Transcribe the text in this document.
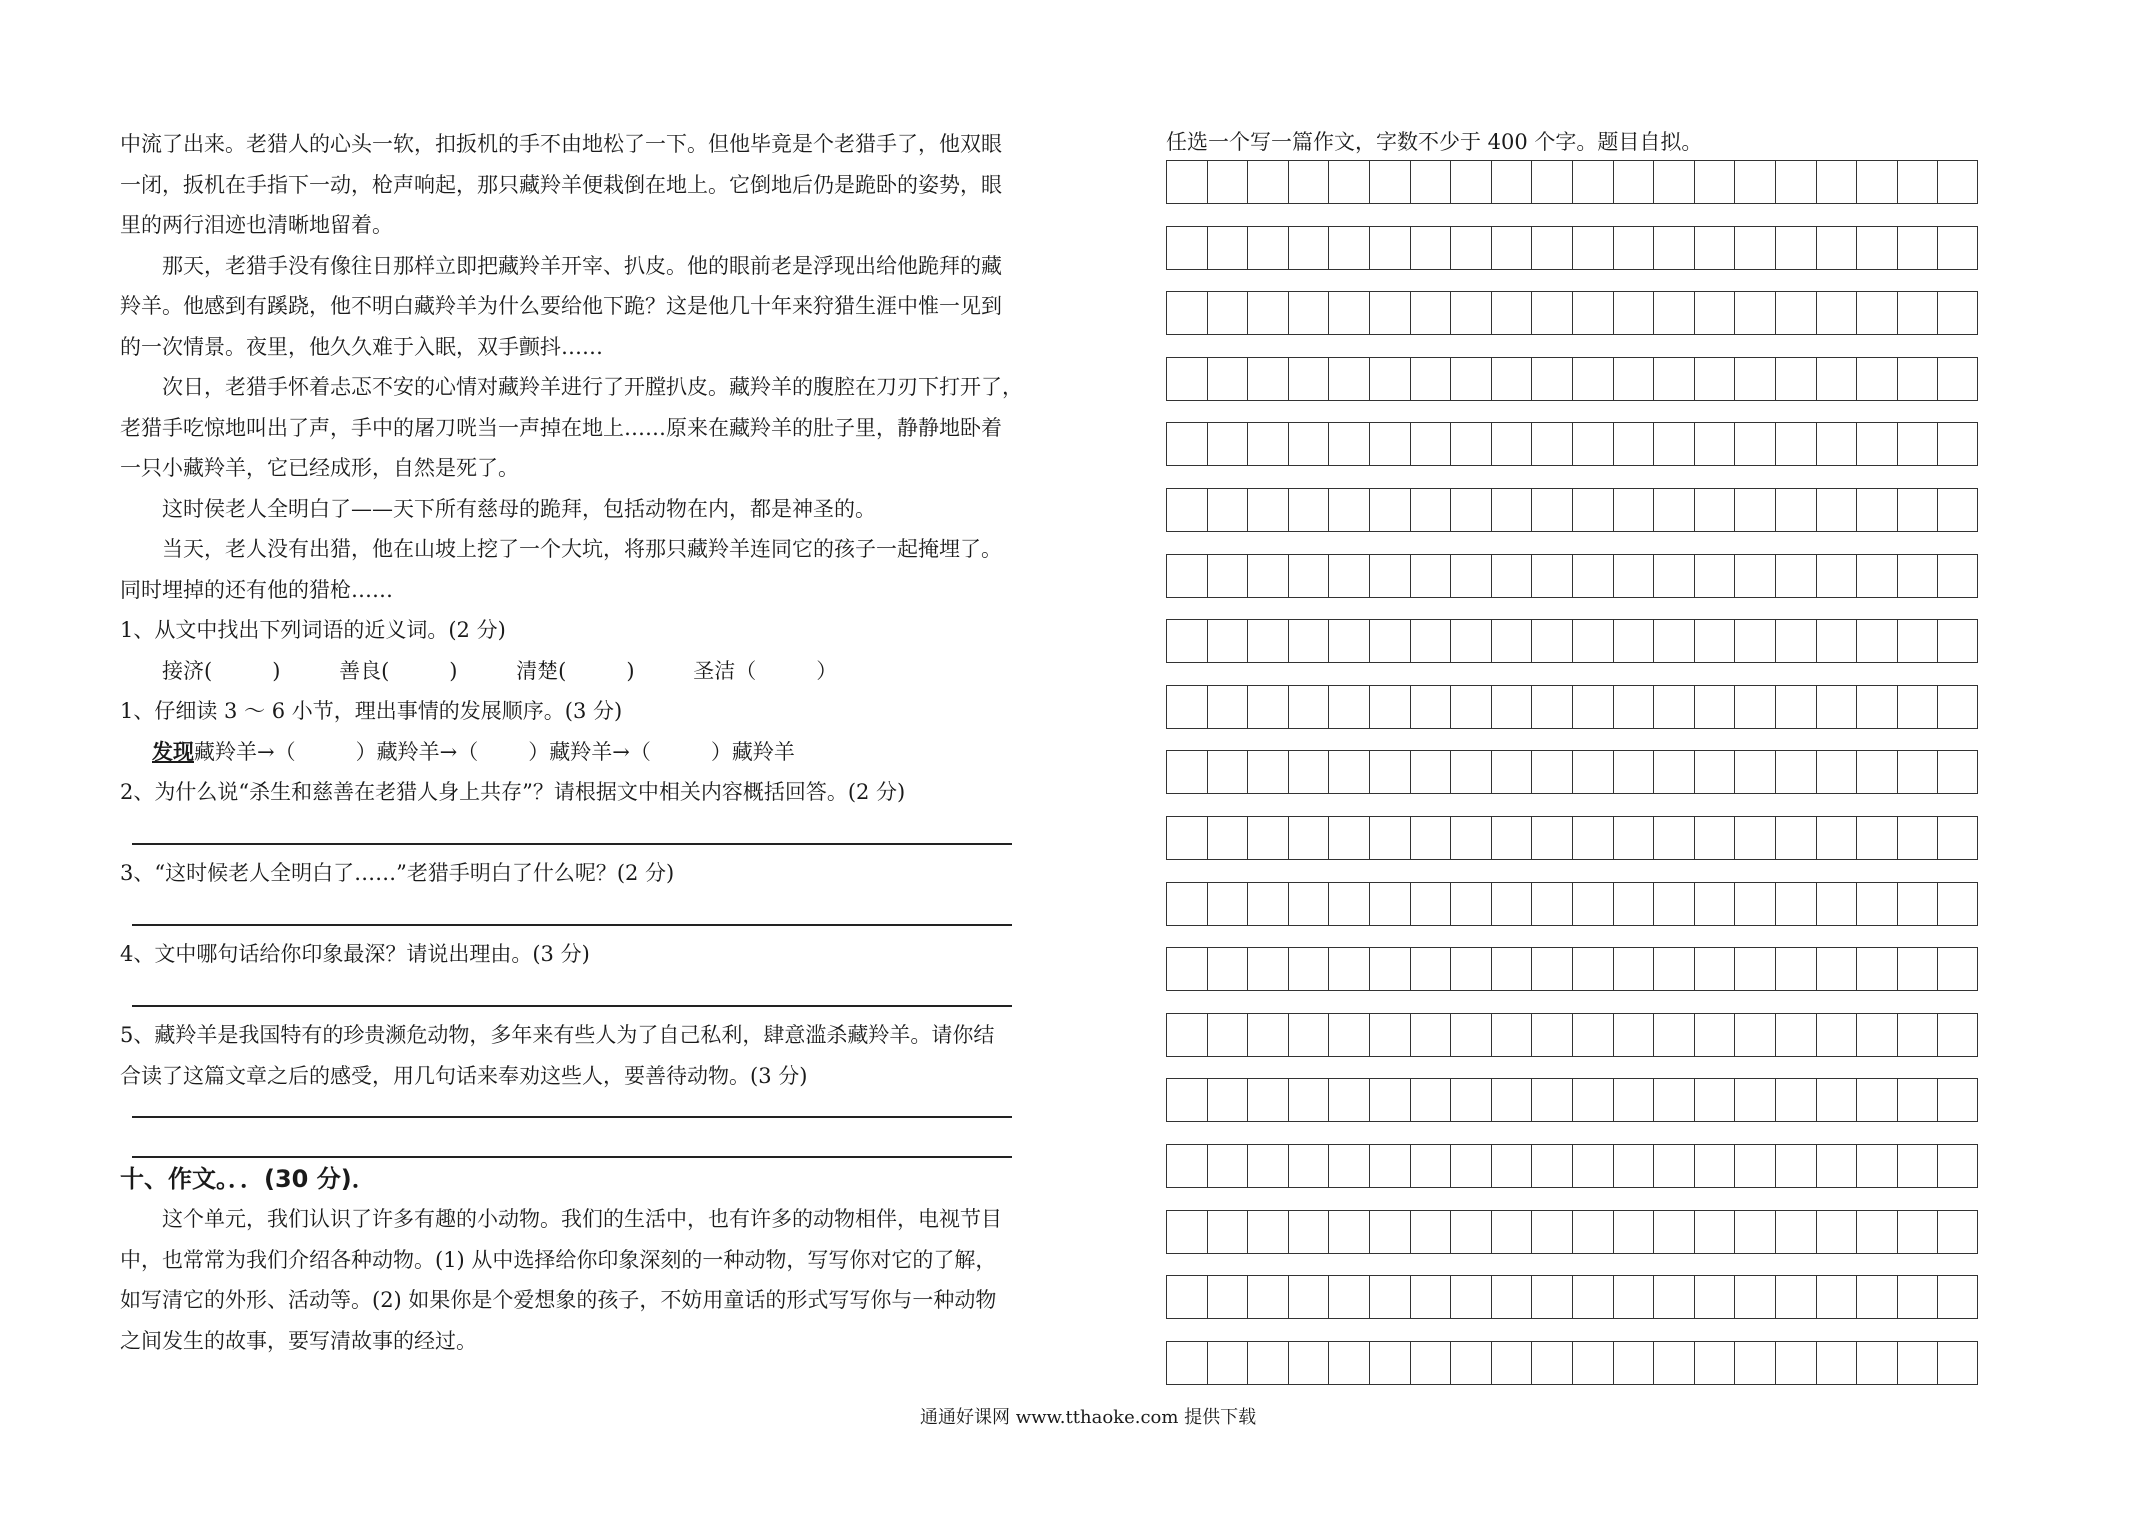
中流了出来。老猎人的心头一软，扣扳机的手不由地松了一下。但他毕竟是个老猎手了，他双眼
一闭，扳机在手指下一动，枪声响起，那只藏羚羊便栽倒在地上。它倒地后仍是跪卧的姿势，眼
里的两行泪迹也清晰地留着。
那天，老猎手没有像往日那样立即把藏羚羊开宰、扒皮。他的眼前老是浮现出给他跪拜的藏
羚羊。他感到有蹊跷，他不明白藏羚羊为什么要给他下跪？这是他几十年来狩猎生涯中惟一见到
的一次情景。夜里，他久久难于入眠，双手颤抖……
次日，老猎手怀着忐忑不安的心情对藏羚羊进行了开膛扒皮。藏羚羊的腹腔在刀刃下打开了，
老猎手吃惊地叫出了声，手中的屠刀咣当一声掉在地上……原来在藏羚羊的肚子里，静静地卧着
一只小藏羚羊，它已经成形，自然是死了。
这时侯老人全明白了——天下所有慈母的跪拜，包括动物在内，都是神圣的。
当天，老人没有出猎，他在山坡上挖了一个大坑，将那只藏羚羊连同它的孩子一起掩埋了。
同时埋掉的还有他的猎枪……
1、从文中找出下列词语的近义词。(2 分)
接济(	)	善良(	)	清楚(	)	圣洁（	）
1、仔细读 3 ～ 6 小节，理出事情的发展顺序。(3 分)
发现藏羚羊→（	）藏羚羊→（ ）藏羚羊→（	）藏羚羊
2、为什么说“杀生和慈善在老猎人身上共存”？请根据文中相关内容概括回答。(2 分)
3、“这时候老人全明白了……”老猎手明白了什么呢？(2 分)
4、文中哪句话给你印象最深？请说出理由。(3 分)
5、藏羚羊是我国特有的珍贵濒危动物，多年来有些人为了自己私利，肆意滥杀藏羚羊。请你结
合读了这篇文章之后的感受，用几句话来奉劝这些人，要善待动物。(3 分)
十、作文。．．(30 分)．
这个单元，我们认识了许多有趣的小动物。我们的生活中，也有许多的动物相伴，电视节目
中，也常常为我们介绍各种动物。(1) 从中选择给你印象深刻的一种动物，写写你对它的了解，
如写清它的外形、活动等。(2) 如果你是个爱想象的孩子，不妨用童话的形式写写你与一种动物
之间发生的故事，要写清故事的经过。
任选一个写一篇作文，字数不少于 400 个字。题目自拟。
通通好课网 www.tthaoke.com 提供下载
